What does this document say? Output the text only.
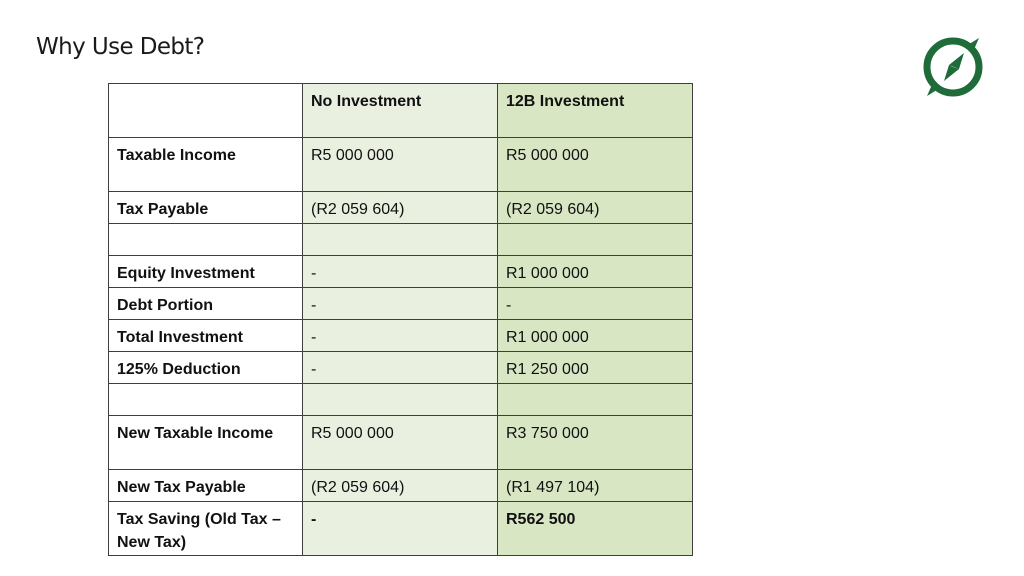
Why Use Debt?
	No Investment	12B Investment
Taxable Income	R5 000 000	R5 000 000
Tax Payable	(R2 059 604)	(R2 059 604)

Equity Investment	-	R1 000 000
Debt Portion	-	-
Total Investment	-	R1 000 000
125% Deduction	-	R1 250 000

New Taxable Income	R5 000 000	R3 750 000
New Tax Payable	(R2 059 604)	(R1 497 104)
Tax Saving (Old Tax – New Tax)	-	R562 500
